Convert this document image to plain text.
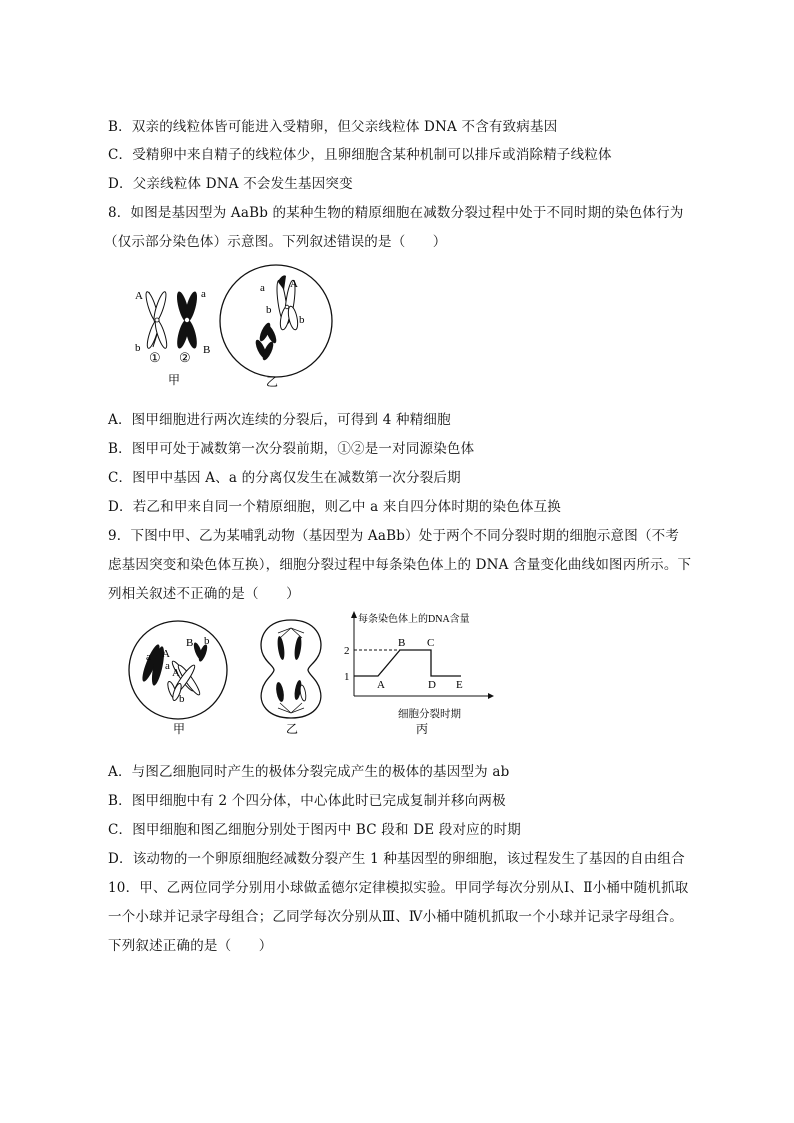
B．双亲的线粒体皆可能进入受精卵，但父亲线粒体 DNA 不含有致病基因
C．受精卵中来自精子的线粒体少，且卵细胞含某种机制可以排斥或消除精子线粒体
D．父亲线粒体 DNA 不会发生基因突变
8．如图是基因型为 AaBb 的某种生物的精原细胞在减数分裂过程中处于不同时期的染色体行为
（仅示部分染色体）示意图。下列叙述错误的是（　　）
A	a
b	B
① ②
甲
a A
b
b
乙
A．图甲细胞进行两次连续的分裂后，可得到 4 种精细胞
B．图甲可处于减数第一次分裂前期，①②是一对同源染色体
C．图甲中基因 A、a 的分离仅发生在减数第一次分裂后期
D．若乙和甲来自同一个精原细胞，则乙中 a 来自四分体时期的染色体互换
9．下图中甲、乙为某哺乳动物（基因型为 AaBb）处于两个不同分裂时期的细胞示意图（不考
虑基因突变和染色体互换），细胞分裂过程中每条染色体上的 DNA 含量变化曲线如图丙所示。下
列相关叙述不正确的是（　　）
B b
a A
a
A
b
甲	乙
每条染色体上的DNA含量
细胞分裂时期
2
1
A
B C
D E
丙
A．与图乙细胞同时产生的极体分裂完成产生的极体的基因型为 ab
B．图甲细胞中有 2 个四分体，中心体此时已完成复制并移向两极
C．图甲细胞和图乙细胞分别处于图丙中 BC 段和 DE 段对应的时期
D．该动物的一个卵原细胞经减数分裂产生 1 种基因型的卵细胞，该过程发生了基因的自由组合
10．甲、乙两位同学分别用小球做孟德尔定律模拟实验。甲同学每次分别从Ⅰ、Ⅱ小桶中随机抓取
一个小球并记录字母组合；乙同学每次分别从Ⅲ、Ⅳ小桶中随机抓取一个小球并记录字母组合。
下列叙述正确的是（　　）
